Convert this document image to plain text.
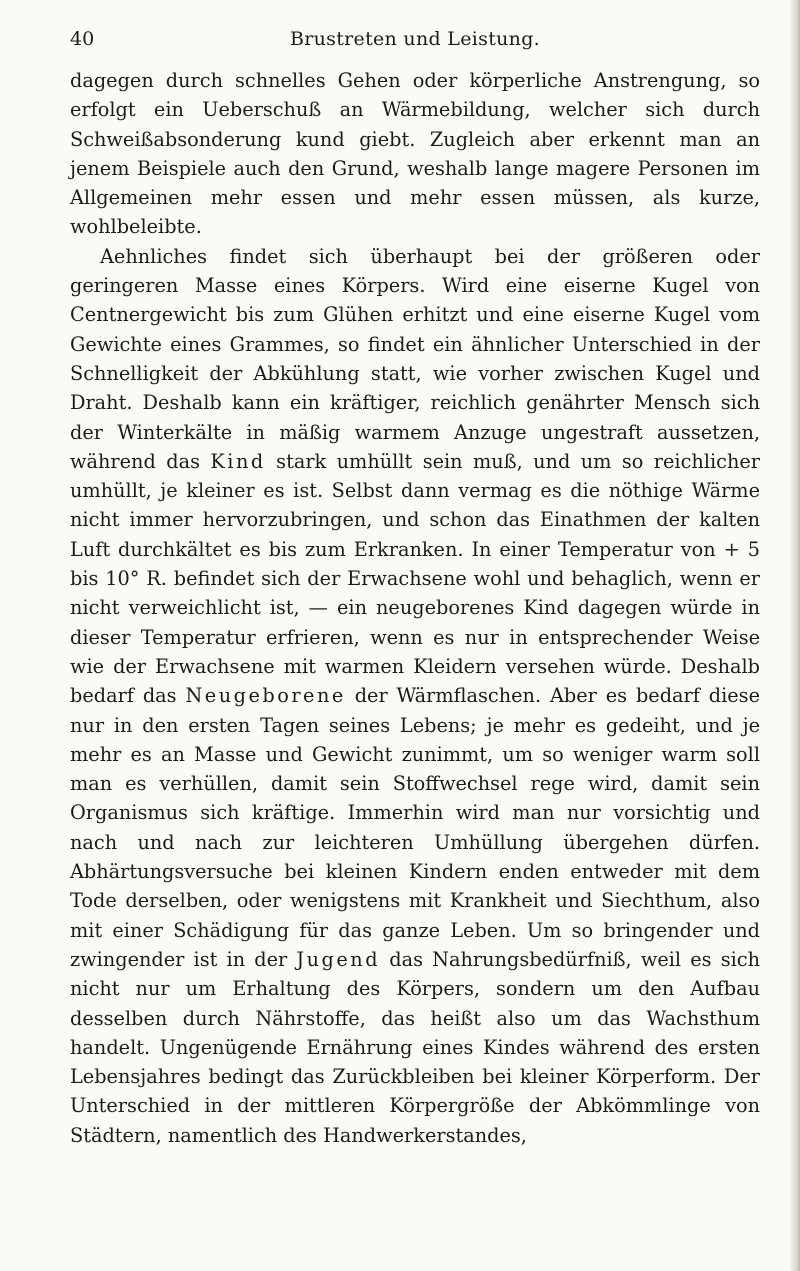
40	Brustreten und Leistung.

dagegen durch schnelles Gehen oder körperliche Anstrengung, so erfolgt ein Ueberschuß an Wärmebildung, welcher sich durch Schweißabsonderung kund giebt. Zugleich aber erkennt man an jenem Beispiele auch den Grund, weshalb lange magere Personen im Allgemeinen mehr essen und mehr essen müssen, als kurze, wohlbeleibte.

Aehnliches findet sich überhaupt bei der größeren oder geringeren Masse eines Körpers. Wird eine eiserne Kugel von Centnergewicht bis zum Glühen erhitzt und eine eiserne Kugel vom Gewichte eines Grammes, so findet ein ähnlicher Unterschied in der Schnelligkeit der Abkühlung statt, wie vorher zwischen Kugel und Draht. Deshalb kann ein kräftiger, reichlich genährter Mensch sich der Winterkälte in mäßig warmem Anzuge ungestraft aussetzen, während das Kind stark umhüllt sein muß, und um so reichlicher umhüllt, je kleiner es ist. Selbst dann vermag es die nöthige Wärme nicht immer hervorzubringen, und schon das Einathmen der kalten Luft durchkältet es bis zum Erkranken. In einer Temperatur von + 5 bis 10° R. befindet sich der Erwachsene wohl und behaglich, wenn er nicht verweichlicht ist, — ein neugeborenes Kind dagegen würde in dieser Temperatur erfrieren, wenn es nur in entsprechender Weise wie der Erwachsene mit warmen Kleidern versehen würde. Deshalb bedarf das Neugeborene der Wärmflaschen. Aber es bedarf diese nur in den ersten Tagen seines Lebens; je mehr es gedeiht, und je mehr es an Masse und Gewicht zunimmt, um so weniger warm soll man es verhüllen, damit sein Stoffwechsel rege wird, damit sein Organismus sich kräftige. Immerhin wird man nur vorsichtig und nach und nach zur leichteren Umhüllung übergehen dürfen. Abhärtungsversuche bei kleinen Kindern enden entweder mit dem Tode derselben, oder wenigstens mit Krankheit und Siechthum, also mit einer Schädigung für das ganze Leben. Um so bringender und zwingender ist in der Jugend das Nahrungsbedürfniß, weil es sich nicht nur um Erhaltung des Körpers, sondern um den Aufbau desselben durch Nährstoffe, das heißt also um das Wachsthum handelt. Ungenügende Ernährung eines Kindes während des ersten Lebensjahres bedingt das Zurückbleiben bei kleiner Körperform. Der Unterschied in der mittleren Körpergröße der Abkömmlinge von Städtern, namentlich des Handwerkerstandes,
